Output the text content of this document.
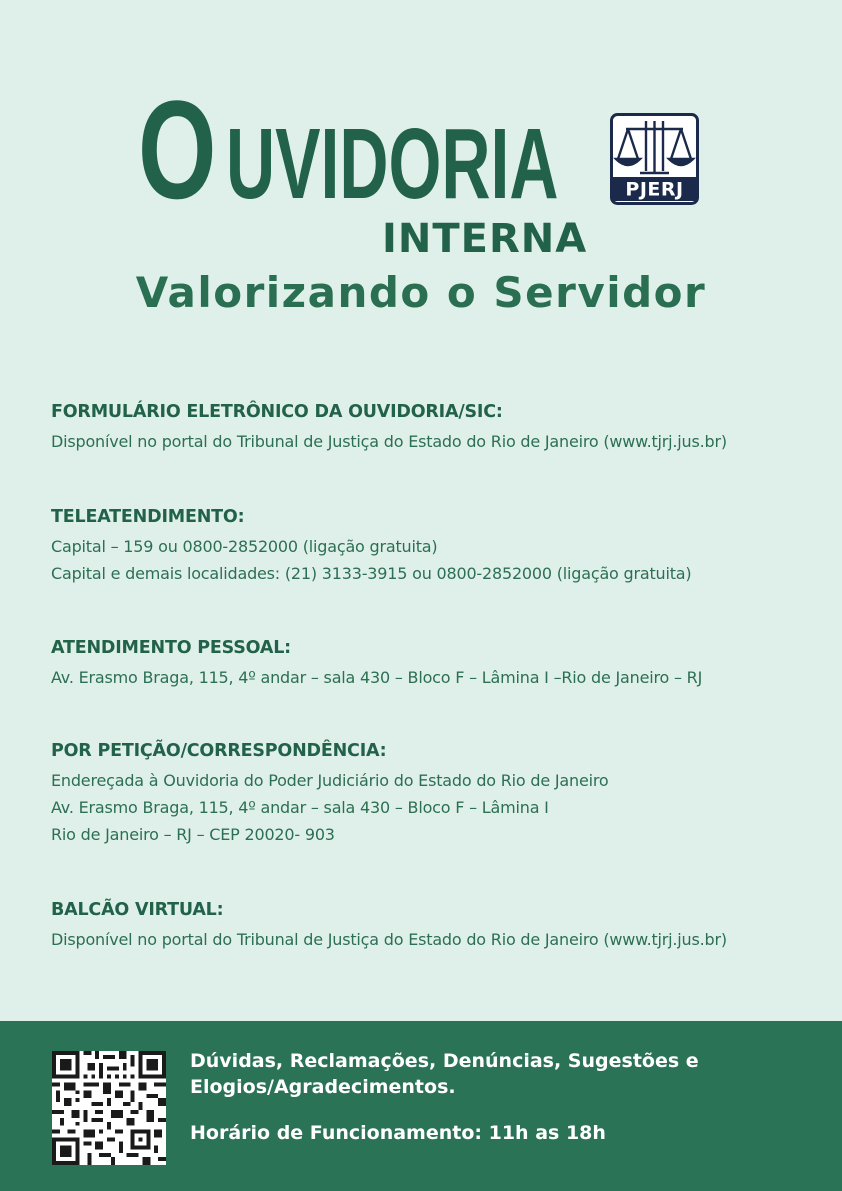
O UVIDORIA
INTERNA
Valorizando o Servidor
PJERJ
FORMULÁRIO ELETRÔNICO DA OUVIDORIA/SIC:
Disponível no portal do Tribunal de Justiça do Estado do Rio de Janeiro (www.tjrj.jus.br)
TELEATENDIMENTO:
Capital – 159 ou 0800-2852000 (ligação gratuita)
Capital e demais localidades: (21) 3133-3915 ou 0800-2852000 (ligação gratuita)
ATENDIMENTO PESSOAL:
Av. Erasmo Braga, 115, 4º andar – sala 430 – Bloco F – Lâmina I –Rio de Janeiro – RJ
POR PETIÇÃO/CORRESPONDÊNCIA:
Endereçada à Ouvidoria do Poder Judiciário do Estado do Rio de Janeiro
Av. Erasmo Braga, 115, 4º andar – sala 430 – Bloco F – Lâmina I
Rio de Janeiro – RJ – CEP 20020- 903
BALCÃO VIRTUAL:
Disponível no portal do Tribunal de Justiça do Estado do Rio de Janeiro (www.tjrj.jus.br)
Dúvidas, Reclamações, Denúncias, Sugestões e
Elogios/Agradecimentos.
Horário de Funcionamento: 11h as 18h
